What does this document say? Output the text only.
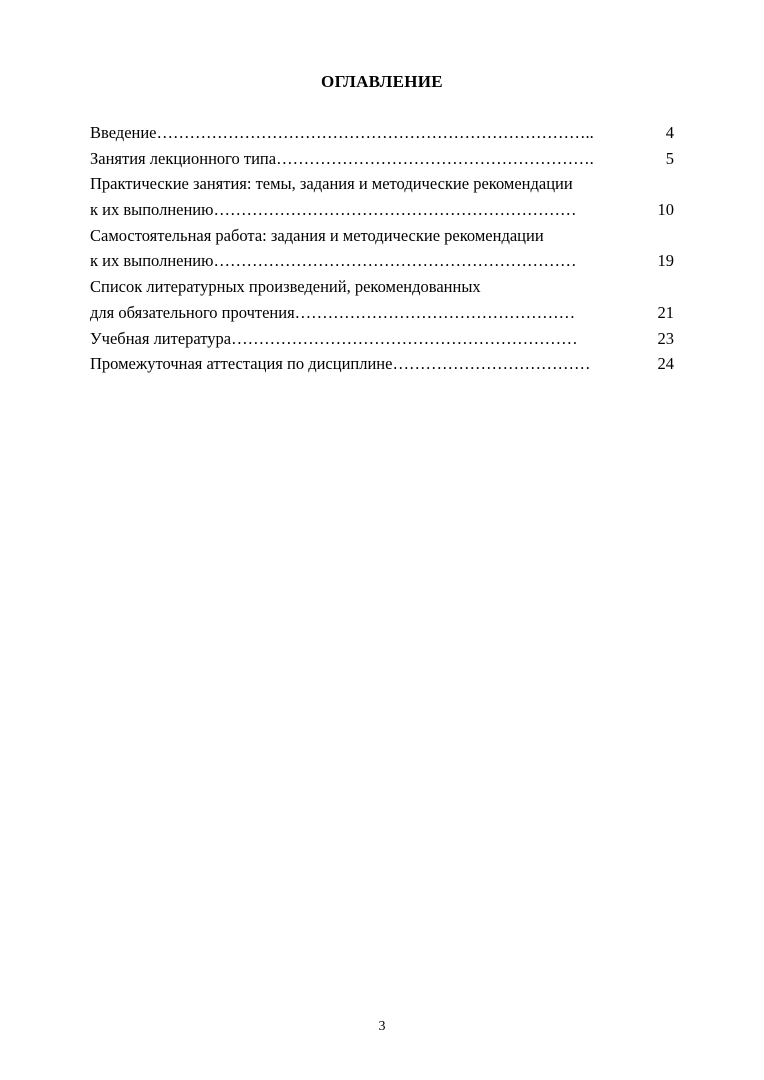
ОГЛАВЛЕНИЕ
Введение……………………………………………………………………..	4
Занятия лекционного типа………………………………………………….	5
Практические занятия: темы, задания и методические рекомендации
к их выполнению…………………………………………………………	10
Самостоятельная работа: задания и методические рекомендации
к их выполнению…………………………………………………………	19
Список литературных произведений, рекомендованных
для обязательного прочтения……………………………………………	21
Учебная литература………………………………………………………	23
Промежуточная аттестация по дисциплине………………………………	24
3
